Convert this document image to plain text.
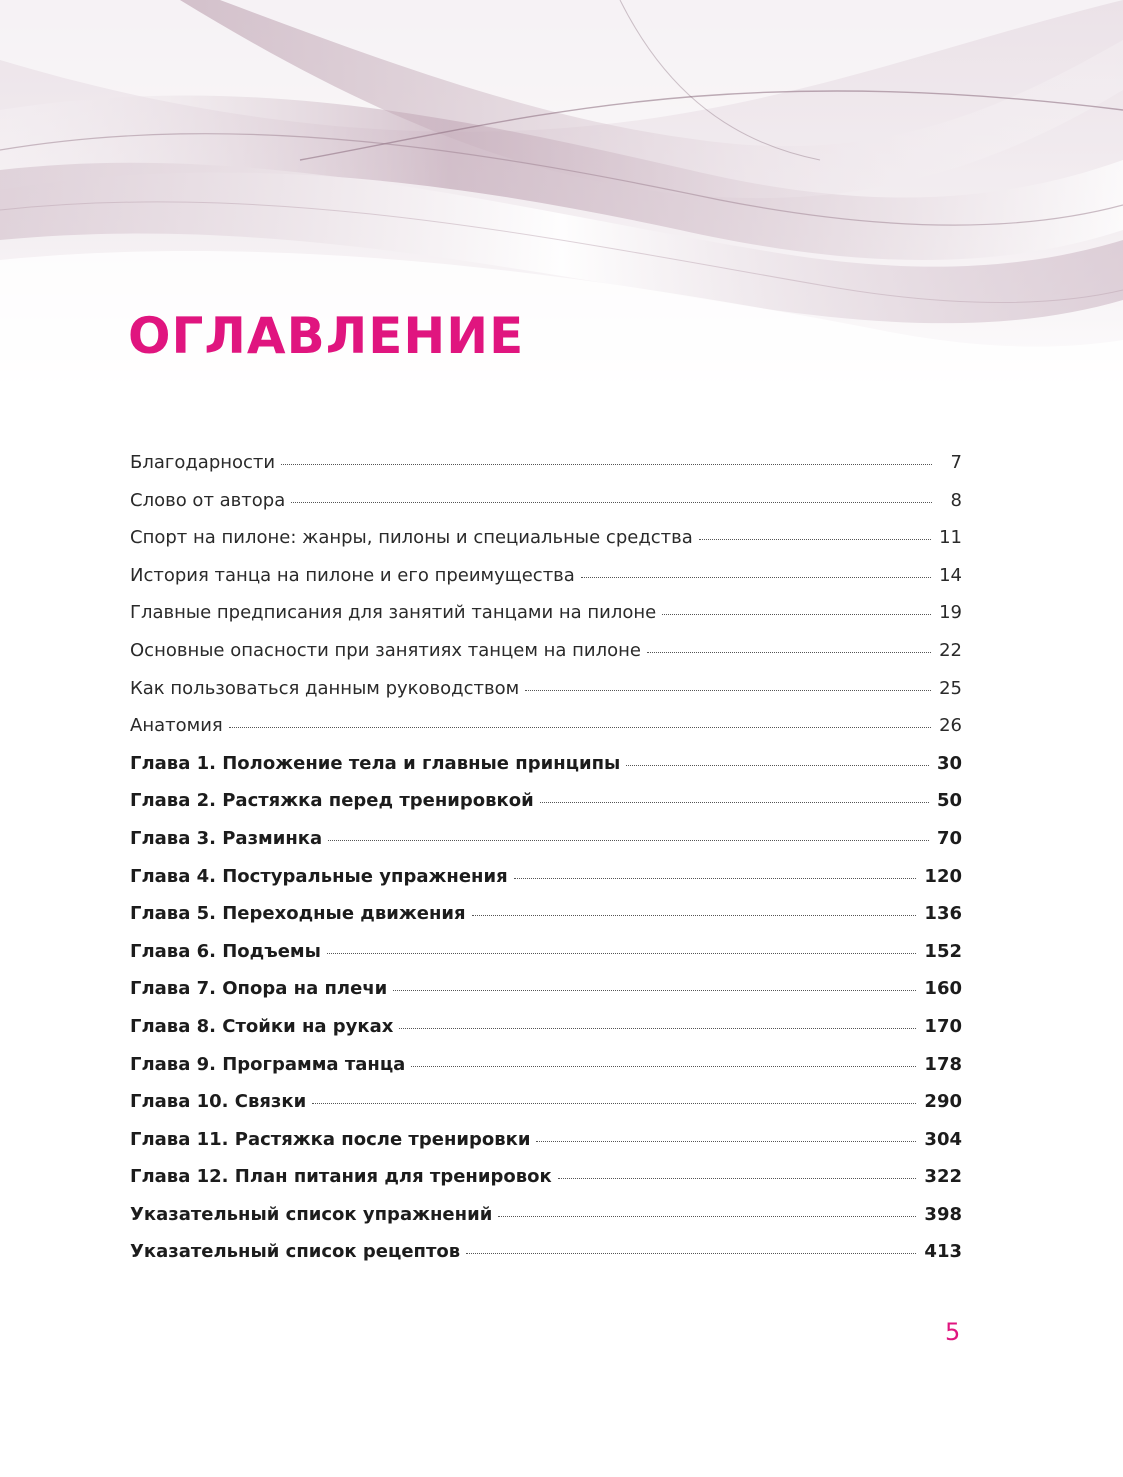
ОГЛАВЛЕНИЕ
Благодарности	7
Слово от автора	8
Спорт на пилоне: жанры, пилоны и специальные средства	11
История танца на пилоне и его преимущества	14
Главные предписания для занятий танцами на пилоне	19
Основные опасности при занятиях танцем на пилоне	22
Как пользоваться данным руководством	25
Анатомия	26
Глава 1. Положение тела и главные принципы	30
Глава 2. Растяжка перед тренировкой	50
Глава 3. Разминка	70
Глава 4. Постуральные упражнения	120
Глава 5. Переходные движения	136
Глава 6. Подъемы	152
Глава 7. Опора на плечи	160
Глава 8. Стойки на руках	170
Глава 9. Программа танца	178
Глава 10. Связки	290
Глава 11. Растяжка после тренировки	304
Глава 12. План питания для тренировок	322
Указательный список упражнений	398
Указательный список рецептов	413

5
